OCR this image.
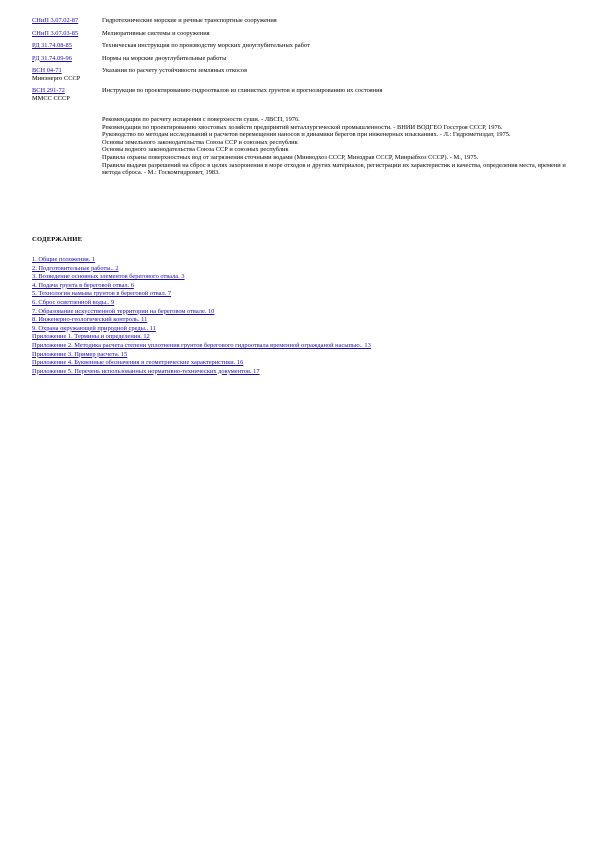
СНиП 3.07.02-87	Гидротехнические морские и речные транспортные сооружения
СНиП 3.07.03-85	Мелиоративные системы и сооружения
РД 31.74.08-85	Техническая инструкция по производству морских дноуглубительных работ
РД 31.74.09-96	Нормы на морские дноуглубительные работы
ВСН 04-71
Минэнерго СССР	Указания по расчету устойчивости земляных откосов
ВСН 291-72
ММСС СССР	Инструкция по проектированию гидроотвалов из глинистых грунтов и прогнозированию их состояния

Рекомендации по расчету испарения с поверхности суши. - ЛВСП, 1976.

Рекомендации по проектированию хвостовых хозяйств предприятий металлургической промышленности. - ВНИИ ВОДГЕО Госстроя СССР, 1976.

Руководство по методам исследований и расчетов перемещения наносов и динамики берегов при инженерных изысканиях. - Л.: Гидрометиздат, 1975.

Основы земельного законодательства Союза ССР и союзных республик

Основы водного законодательства Союза ССР и союзных республик

Правила охраны поверхностных вод от загрязнения сточными водами (Минводхоз СССР, Минздрав СССР, Минрыбхоз СССР). - М., 1975.

Правила выдачи разрешений на сброс в целях захоронения в море отходов и других материалов, регистрации их характеристик и качества, определения места, времени и метода сброса. - М.: Госкомгидромет, 1983.

СОДЕРЖАНИЕ
1. Общие положения. 1
2. Подготовительные работы.. 2
3. Возведение основных элементов берегового отвала. 3
4. Подача грунта в береговой отвал. 6
5. Технология намыва грунтов в береговой отвал. 7
6. Сброс осветленной воды.. 9
7. Образование искусственной территории на береговом отвале. 10
8. Инженерно-геологический контроль. 11
9. Охрана окружающей природной среды.. 11
Приложение 1. Термины и определения. 12
Приложение 2. Методика расчета степени уплотнения грунтов берегового гидроотвала временной огражданой насыпью.. 13
Приложение 3. Пример расчета. 15
Приложение 4. Буквенные обозначения и геометрические характеристики. 16
Приложение 5. Перечень использованных нормативно-технических документов. 17
